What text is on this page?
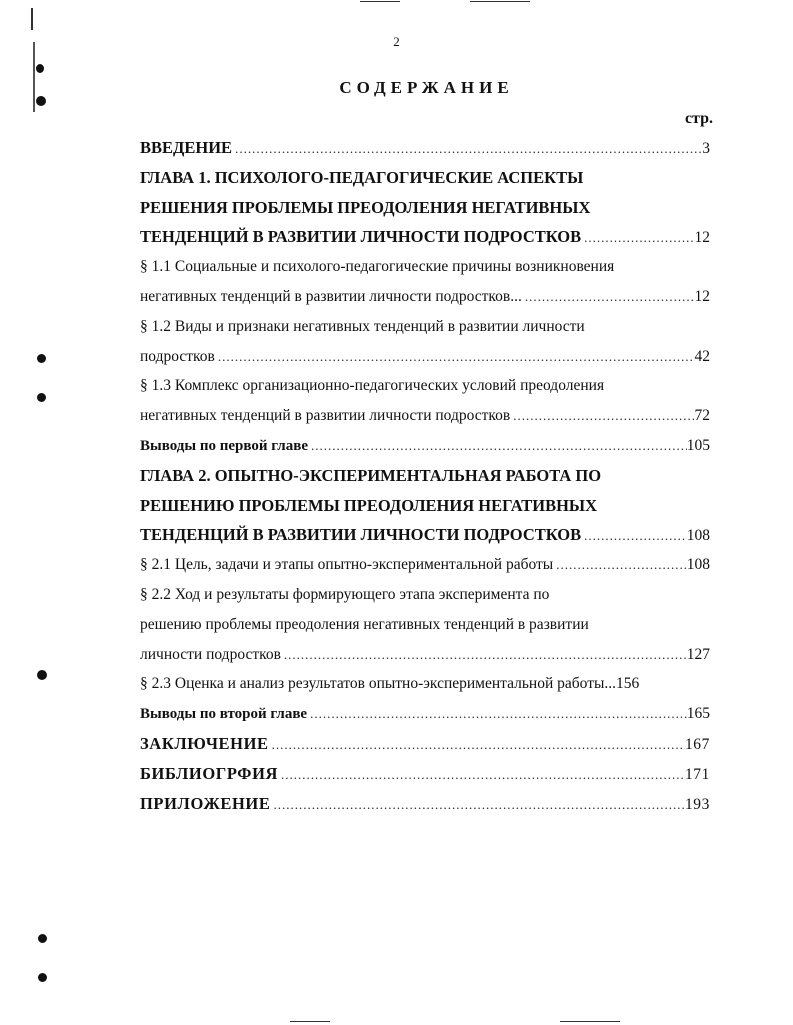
2
СОДЕРЖАНИЕ
стр.
ВВЕДЕНИЕ .....	3
ГЛАВА 1. ПСИХОЛОГО-ПЕДАГОГИЧЕСКИЕ АСПЕКТЫ
РЕШЕНИЯ ПРОБЛЕМЫ ПРЕОДОЛЕНИЯ НЕГАТИВНЫХ
ТЕНДЕНЦИЙ В РАЗВИТИИ ЛИЧНОСТИ ПОДРОСТКОВ .....	12
§ 1.1 Социальные и психолого-педагогические причины возникновения
негативных тенденций в развитии личности подростков... .....	12
§ 1.2 Виды и признаки негативных тенденций в развитии личности
подростков .....	42
§ 1.3 Комплекс организационно-педагогических условий преодоления
негативных тенденций в развитии личности подростков .....	72
Выводы по первой главе .....	105
ГЛАВА 2. ОПЫТНО-ЭКСПЕРИМЕНТАЛЬНАЯ РАБОТА ПО
РЕШЕНИЮ ПРОБЛЕМЫ ПРЕОДОЛЕНИЯ НЕГАТИВНЫХ
ТЕНДЕНЦИЙ В РАЗВИТИИ ЛИЧНОСТИ ПОДРОСТКОВ .....	108
§ 2.1 Цель, задачи и этапы опытно-экспериментальной работы .....	108
§ 2.2 Ход и результаты формирующего этапа эксперимента по
решению проблемы преодоления негативных тенденций в развитии
личности подростков .....	127
§ 2.3 Оценка и анализ результатов опытно-экспериментальной работы... 156
Выводы по второй главе .....	165
ЗАКЛЮЧЕНИЕ .....	167
БИБЛИОГРФИЯ .....	171
ПРИЛОЖЕНИЕ .....	193
